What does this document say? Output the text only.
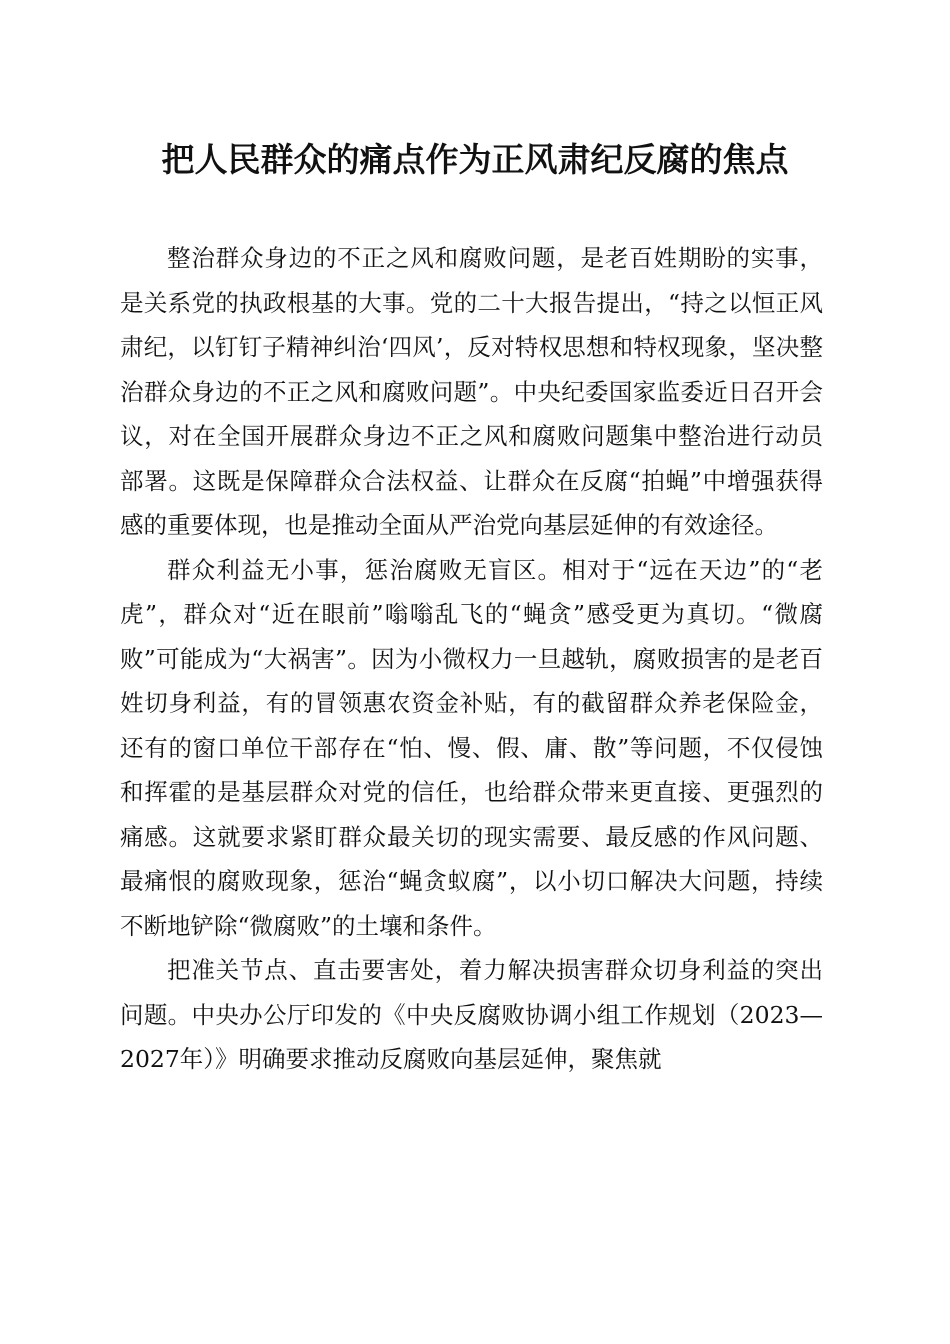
把人民群众的痛点作为正风肃纪反腐的焦点

整治群众身边的不正之风和腐败问题，是老百姓期盼的实事，是关系党的执政根基的大事。党的二十大报告提出，“持之以恒正风肃纪，以钉钉子精神纠治‘四风’，反对特权思想和特权现象，坚决整治群众身边的不正之风和腐败问题”。中央纪委国家监委近日召开会议，对在全国开展群众身边不正之风和腐败问题集中整治进行动员部署。这既是保障群众合法权益、让群众在反腐“拍蝇”中增强获得感的重要体现，也是推动全面从严治党向基层延伸的有效途径。

群众利益无小事，惩治腐败无盲区。相对于“远在天边”的“老虎”，群众对“近在眼前”嗡嗡乱飞的“蝇贪”感受更为真切。“微腐败”可能成为“大祸害”。因为小微权力一旦越轨，腐败损害的是老百姓切身利益，有的冒领惠农资金补贴，有的截留群众养老保险金，还有的窗口单位干部存在“怕、慢、假、庸、散”等问题，不仅侵蚀和挥霍的是基层群众对党的信任，也给群众带来更直接、更强烈的痛感。这就要求紧盯群众最关切的现实需要、最反感的作风问题、最痛恨的腐败现象，惩治“蝇贪蚁腐”，以小切口解决大问题，持续不断地铲除“微腐败”的土壤和条件。

把准关节点、直击要害处，着力解决损害群众切身利益的突出问题。中央办公厅印发的《中央反腐败协调小组工作规划（2023—2027年）》明确要求推动反腐败向基层延伸，聚焦就
